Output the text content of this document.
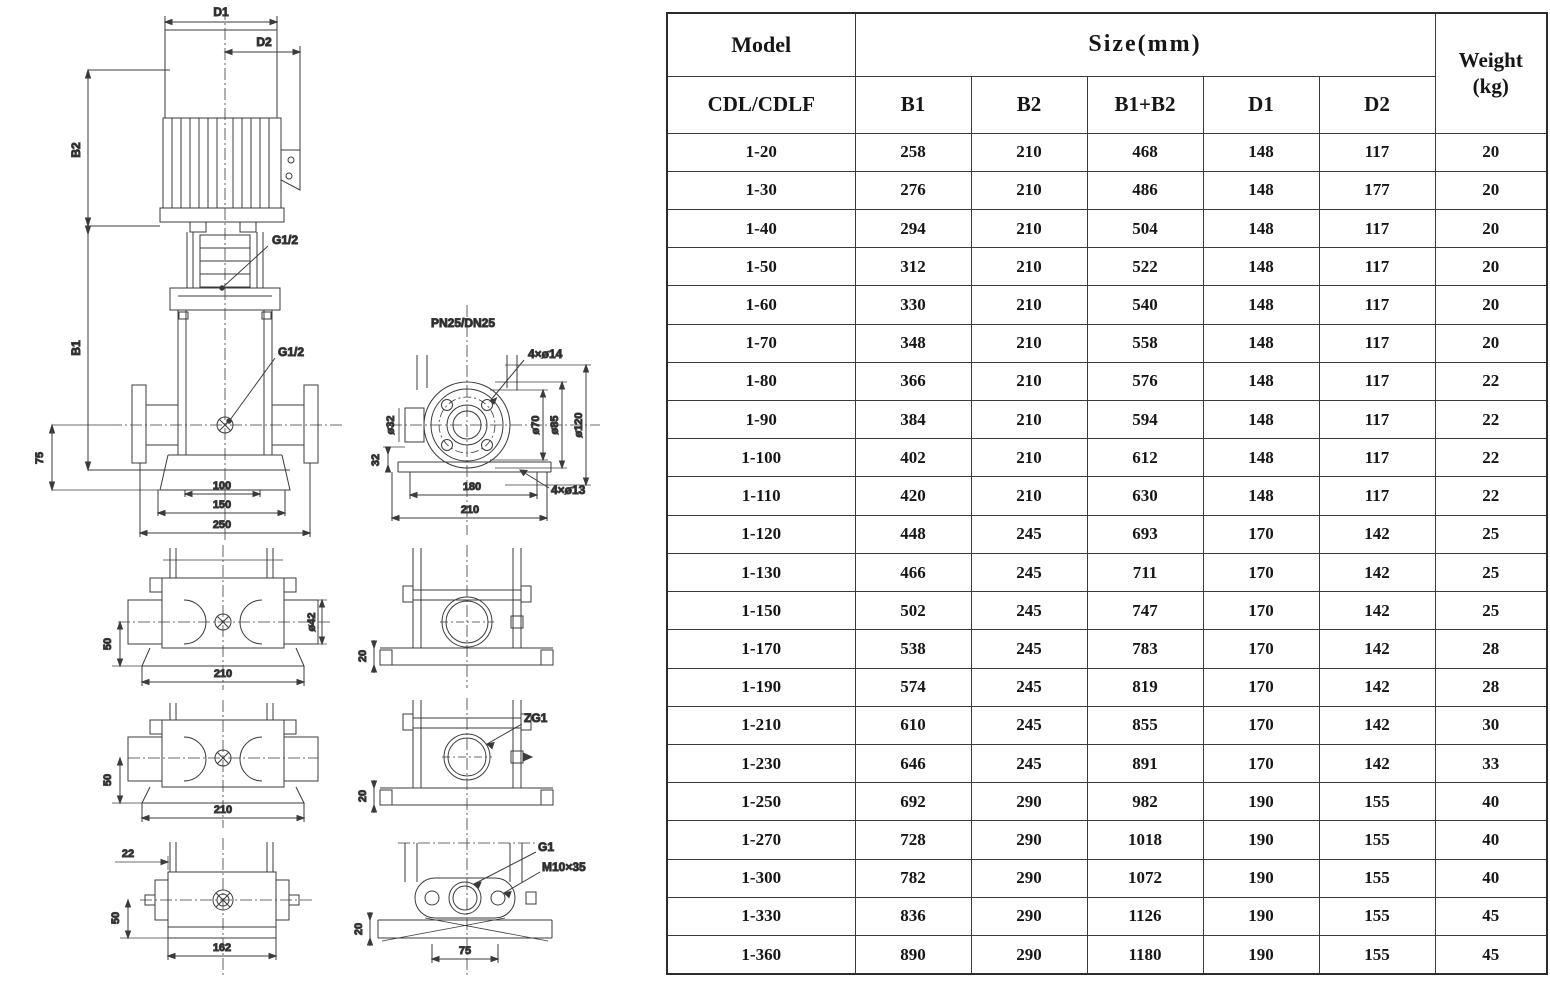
D1
D2
B2
B1
G1/2
G1/2
75
100
150
250
PN25/DN25
4×ø14
ø32	ø70 ø85 ø120
32
4×ø13
180
210
ø42
50
210
50
210
22
50
162
20
ZG1
20
G1
M10×35
75
20
Model	Size(mm)					Weight
(kg)

CDL/CDLF	B1	B2	B1+B2	D1	D2	
1-20	258	210	468	148	117	20
1-30	276	210	486	148	177	20
1-40	294	210	504	148	117	20
1-50	312	210	522	148	117	20
1-60	330	210	540	148	117	20
1-70	348	210	558	148	117	20
1-80	366	210	576	148	117	22
1-90	384	210	594	148	117	22
1-100	402	210	612	148	117	22
1-110	420	210	630	148	117	22
1-120	448	245	693	170	142	25
1-130	466	245	711	170	142	25
1-150	502	245	747	170	142	25
1-170	538	245	783	170	142	28
1-190	574	245	819	170	142	28
1-210	610	245	855	170	142	30
1-230	646	245	891	170	142	33
1-250	692	290	982	190	155	40
1-270	728	290	1018	190	155	40
1-300	782	290	1072	190	155	40
1-330	836	290	1126	190	155	45
1-360	890	290	1180	190	155	45
